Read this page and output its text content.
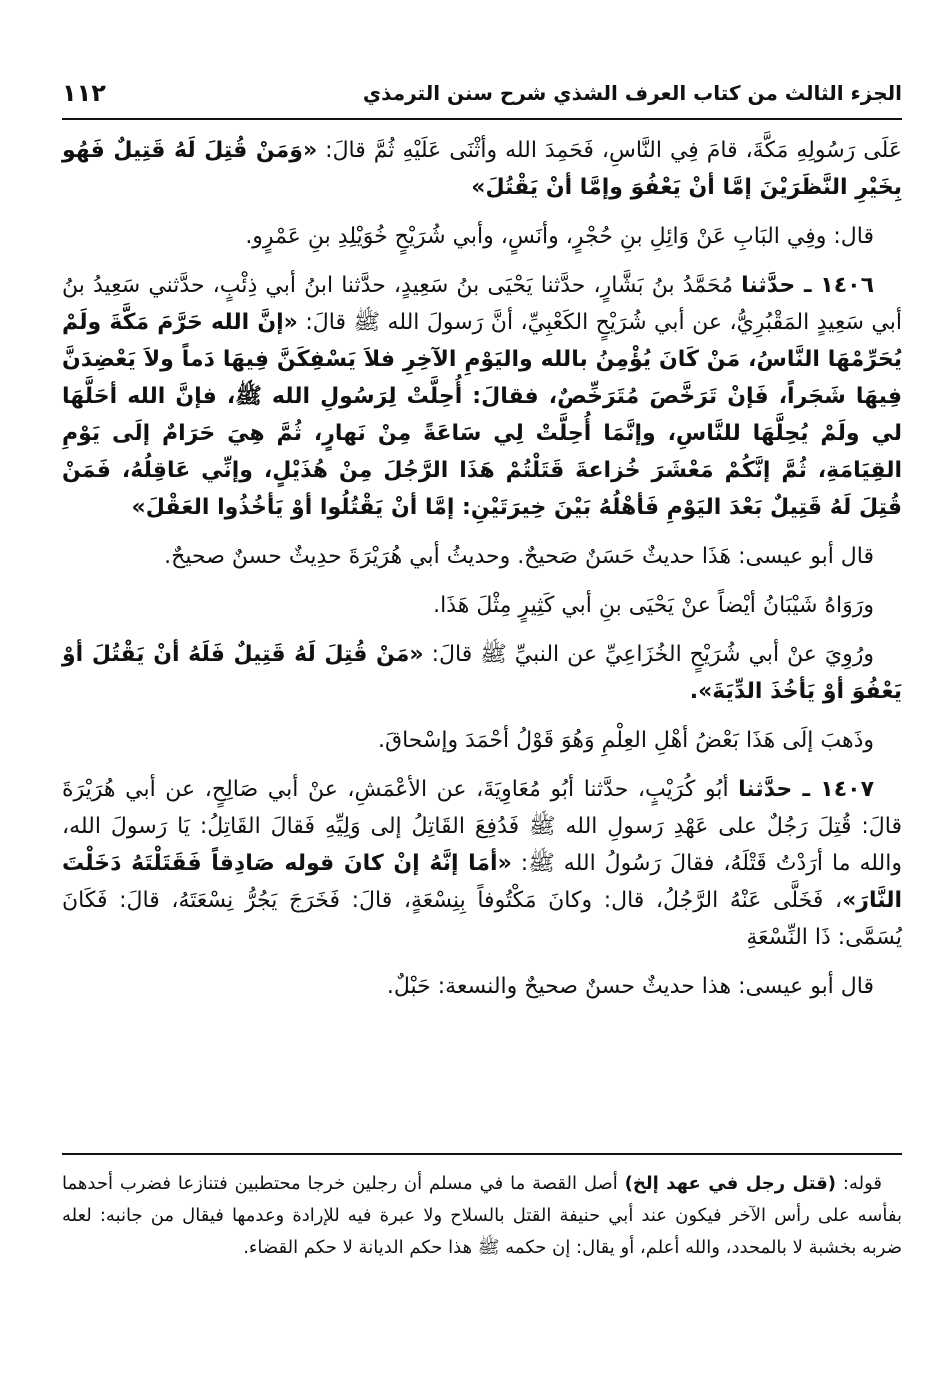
الجزء الثالث من كتاب العرف الشذي شرح سنن الترمذي
١١٢

عَلَى رَسُولِهِ مَكَّةَ، قامَ فِي النَّاسِ، فَحَمِدَ الله وأثْنَى عَلَيْهِ ثُمَّ قالَ: «وَمَنْ قُتِلَ لَهُ قَتِيلٌ فَهُو بِخَيْرِ النَّظَرَيْنَ إمَّا أنْ يَعْفُوَ وإمَّا أنْ يَقْتُلَ»

قال: وفِي البَابِ عَنْ وَائِلِ بنِ حُجْرٍ، وأنَسٍ، وأبي شُرَيْحٍ خُوَيْلِدِ بنِ عَمْرٍو.

١٤٠٦ ـ حدَّثنا مُحَمَّدُ بنُ بَشَّارٍ، حدَّثنا يَحْيَى بنُ سَعِيدٍ، حدَّثنا ابنُ أبي ذِئْبٍ، حدَّثني سَعِيدُ بنُ أبي سَعِيدٍ المَقْبُرِيُّ، عن أبي شُرَيْحٍ الكَعْبِيِّ، أنَّ رَسولَ الله ﷺ قالَ: «إنَّ الله حَرَّمَ مَكَّةَ ولَمْ يُحَرِّمْهَا النَّاسُ، مَنْ كَانَ يُؤْمِنُ بالله واليَوْمِ الآخِرِ فلاَ يَسْفِكَنَّ فِيهَا دَماً ولاَ يَعْضِدَنَّ فِيهَا شَجَراً، فَإنْ تَرَخَّصَ مُتَرَخِّصٌ، فقالَ: أُحِلَّتْ لِرَسُولِ الله ﷺ، فإنَّ الله أحَلَّهَا لي ولَمْ يُحِلَّهَا للنَّاسِ، وإنَّمَا أُحِلَّتْ لِي سَاعَةً مِنْ نَهارٍ، ثُمَّ هِيَ حَرَامٌ إلَى يَوْمِ القِيَامَةِ، ثُمَّ إنَّكُمْ مَعْشَرَ خُزاعةَ قَتَلْتُمْ هَذَا الرَّجُلَ مِنْ هُذَيْلٍ، وإنِّي عَاقِلُهُ، فَمَنْ قُتِلَ لَهُ قَتِيلٌ بَعْدَ اليَوْمِ فَأهْلُهُ بَيْنَ خِيرَتَيْنِ: إمَّا أنْ يَقْتُلُوا أوْ يَأخُذُوا العَقْلَ»

قال أبو عيسى: هَذَا حديثٌ حَسَنٌ صَحيحٌ. وحديثُ أبي هُرَيْرَةَ حدِيثٌ حسنٌ صحيحٌ.

ورَوَاهُ شَيْبَانُ أيْضاً عنْ يَحْيَى بنِ أبي كَثِيرٍ مِثْلَ هَذَا.

ورُوِيَ عنْ أبي شُرَيْحٍ الخُزَاعِيِّ عن النبيِّ ﷺ قالَ: «مَنْ قُتِلَ لَهُ قَتِيلٌ فَلَهُ أنْ يَقْتُلَ أوْ يَعْفُوَ أوْ يَأخُذَ الدِّيَةَ».

وذَهبَ إلَى هَذَا بَعْضُ أهْلِ العِلْمِ وَهُوَ قَوْلُ أحْمَدَ وإسْحاقَ.

١٤٠٧ ـ حدَّثنا أبُو كُرَيْبٍ، حدَّثنا أبُو مُعَاوِيَةَ، عن الأعْمَشِ، عنْ أبي صَالِحٍ، عن أبي هُرَيْرَةَ قالَ: قُتِلَ رَجُلٌ على عَهْدِ رَسولِ الله ﷺ فَدُفِعَ القَاتِلُ إلى وَلِيِّهِ فَقالَ القَاتِلُ: يَا رَسولَ الله، والله ما أرَدْتُ قَتْلَهُ، فقالَ رَسُولُ الله ﷺ: «أمَا إنَّهُ إنْ كانَ قوله صَادِقاً فَقَتَلْتَهُ دَخَلْتَ النَّارَ»، فَخَلَّى عَنْهُ الرَّجُلُ، قال: وكانَ مَكْتُوفاً بِنِسْعَةٍ، قالَ: فَخَرَجَ يَجُرُّ نِسْعَتَهُ، قالَ: فَكَانَ يُسَمَّى: ذَا النِّسْعَةِ

قال أبو عيسى: هذا حديثٌ حسنٌ صحيحٌ والنسعة: حَبْلٌ.

قوله: (قتل رجل في عهد إلخ) أصل القصة ما في مسلم أن رجلين خرجا محتطبين فتنازعا فضرب أحدهما بفأسه على رأس الآخر فيكون عند أبي حنيفة القتل بالسلاح ولا عبرة فيه للإرادة وعدمها فيقال من جانبه: لعله ضربه بخشبة لا بالمحدد، والله أعلم، أو يقال: إن حكمه ﷺ هذا حكم الديانة لا حكم القضاء.
